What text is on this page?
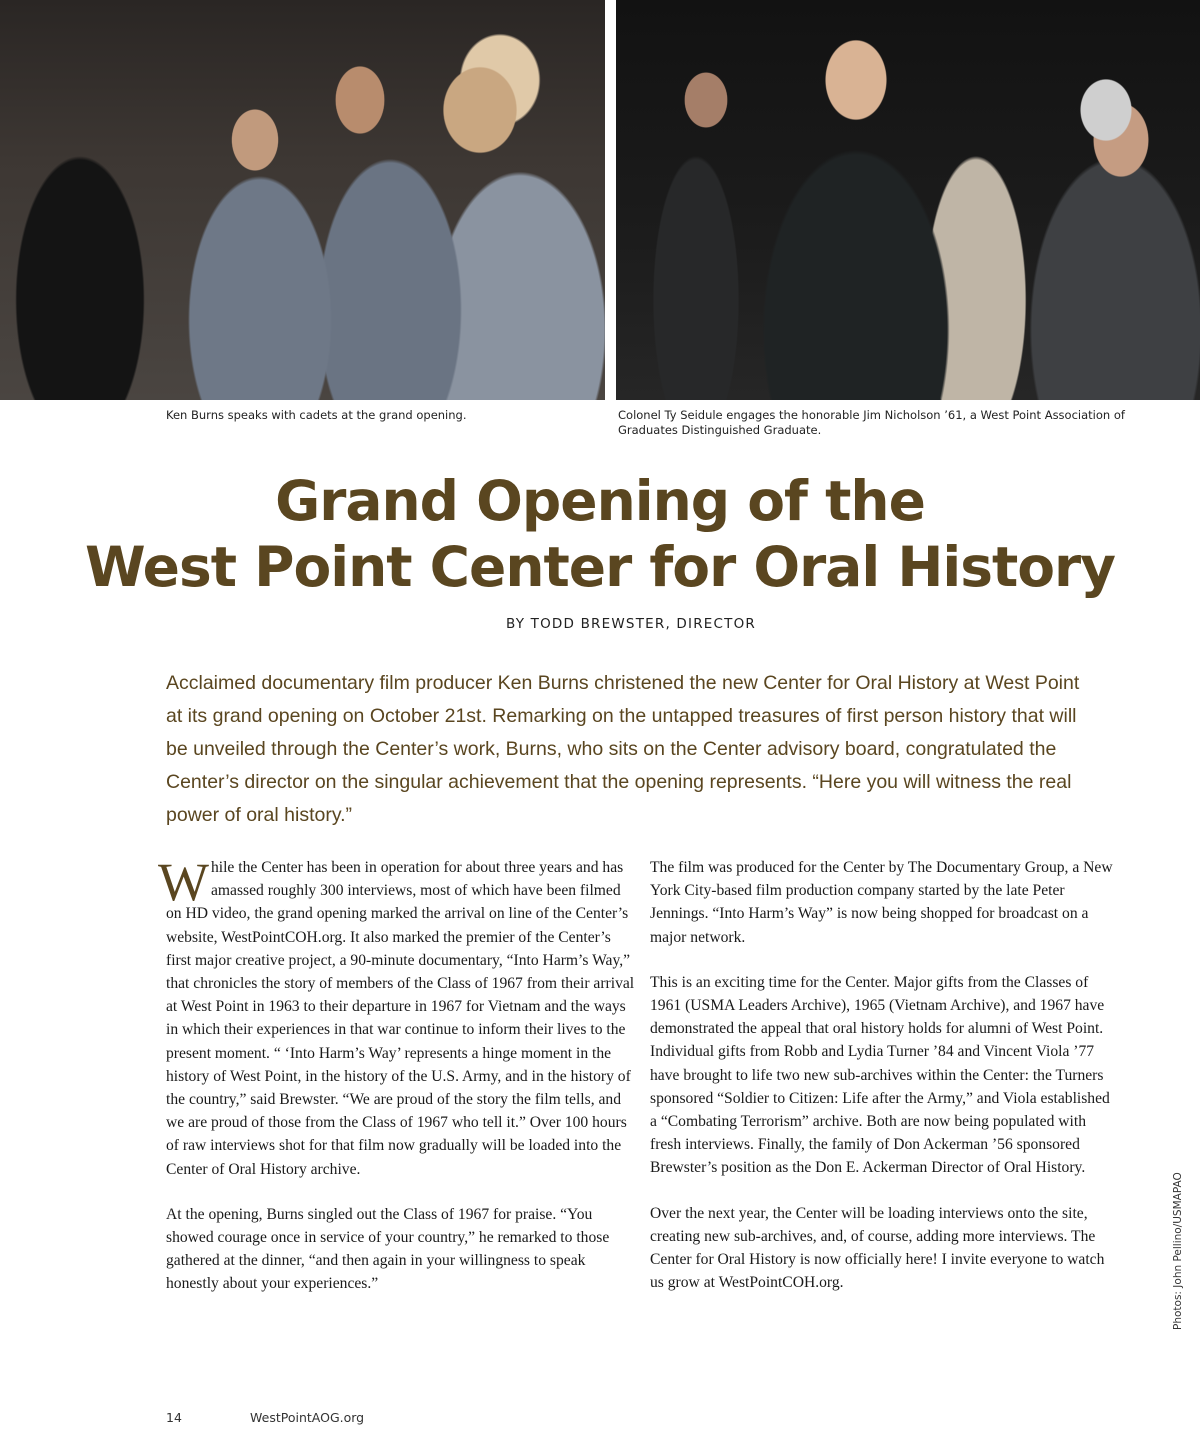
Ken Burns speaks with cadets at the grand opening.	Colonel Ty Seidule engages the honorable Jim Nicholson ’61, a West Point Association of Graduates Distinguished Graduate.
Grand Opening of the
West Point Center for Oral History
BY TODD BREWSTER, DIRECTOR

Acclaimed documentary film producer Ken Burns christened the new Center for Oral History at West Point at its grand opening on October 21st. Remarking on the untapped treasures of first person history that will be unveiled through the Center’s work, Burns, who sits on the Center advisory board, congratulated the Center’s director on the singular achievement that the opening represents. “Here you will witness the real power of oral history.”

While the Center has been in operation for about three years and has amassed roughly 300 interviews, most of which have been filmed on HD video, the grand opening marked the arrival on line of the Center’s website, WestPointCOH.org. It also marked the premier of the Center’s first major creative project, a 90-minute documentary, “Into Harm’s Way,” that chronicles the story of members of the Class of 1967 from their arrival at West Point in 1963 to their departure in 1967 for Vietnam and the ways in which their experiences in that war continue to inform their lives to the present moment. “ ‘Into Harm’s Way’ represents a hinge moment in the history of West Point, in the history of the U.S. Army, and in the history of the country,” said Brewster. “We are proud of the story the film tells, and we are proud of those from the Class of 1967 who tell it.” Over 100 hours of raw interviews shot for that film now gradually will be loaded into the Center of Oral History archive.

At the opening, Burns singled out the Class of 1967 for praise. “You showed courage once in service of your country,” he remarked to those gathered at the dinner, “and then again in your willingness to speak honestly about your experiences.”

The film was produced for the Center by The Documentary Group, a New York City-based film production company started by the late Peter Jennings. “Into Harm’s Way” is now being shopped for broadcast on a major network.

This is an exciting time for the Center. Major gifts from the Classes of 1961 (USMA Leaders Archive), 1965 (Vietnam Archive), and 1967 have demonstrated the appeal that oral history holds for alumni of West Point. Individual gifts from Robb and Lydia Turner ’84 and Vincent Viola ’77 have brought to life two new sub-archives within the Center: the Turners sponsored “Soldier to Citizen: Life after the Army,” and Viola established a “Combating Terrorism” archive. Both are now being populated with fresh interviews. Finally, the family of Don Ackerman ’56 sponsored Brewster’s position as the Don E. Ackerman Director of Oral History.

Over the next year, the Center will be loading interviews onto the site, creating new sub-archives, and, of course, adding more interviews. The Center for Oral History is now officially here! I invite everyone to watch us grow at WestPointCOH.org.	Photos: John Pellino/USMAPAO
14	WestPointAOG.org
